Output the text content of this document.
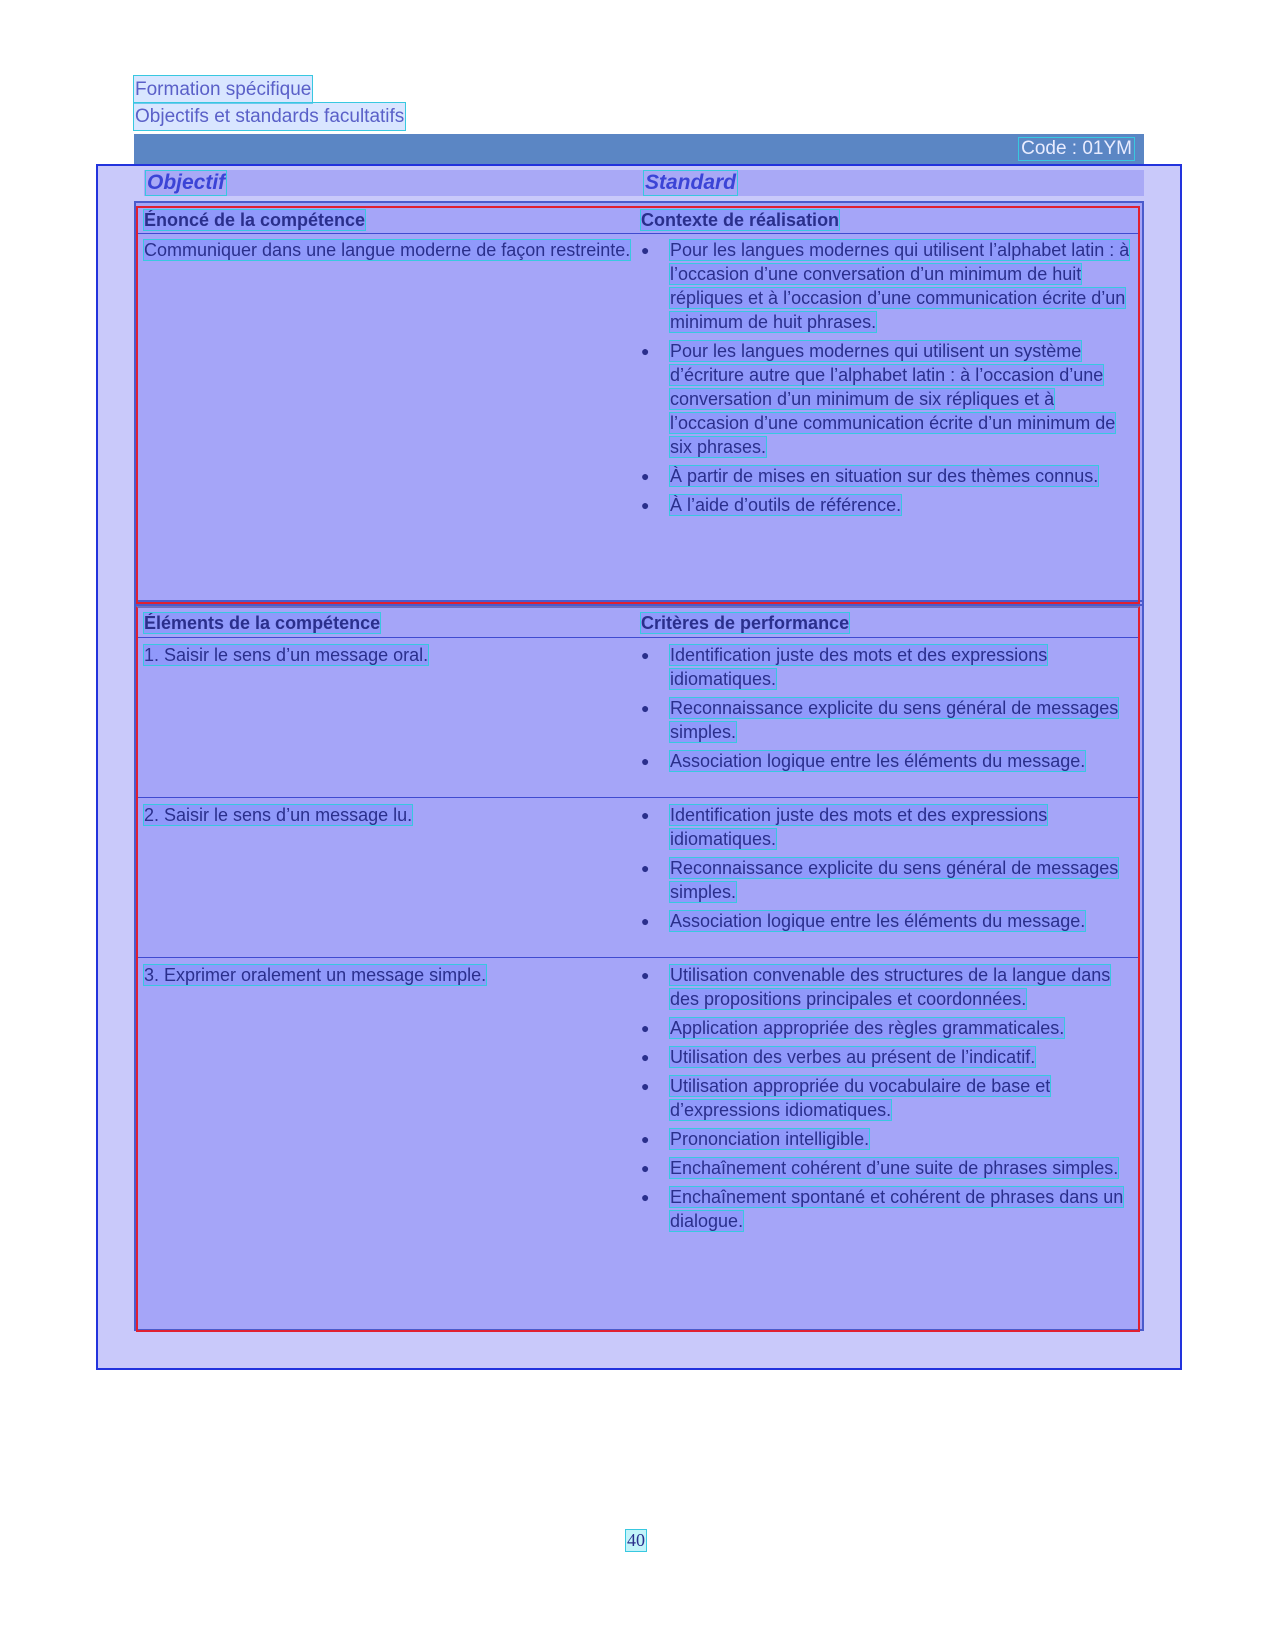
Formation spécifique
Objectifs et standards facultatifs
Code : 01YM
Objectif	Standard
Énoncé de la compétence	Contexte de réalisation
Communiquer dans une langue moderne de façon restreinte. ● Pour les langues modernes qui utilisent l’alphabet latin : à l’occasion d’une conversation d’un minimum de huit répliques et à l’occasion d’une communication écrite d’un minimum de huit phrases.
● Pour les langues modernes qui utilisent un système d’écriture autre que l’alphabet latin : à l’occasion d’une conversation d’un minimum de six répliques et à l’occasion d’une communication écrite d’un minimum de six phrases.
● À partir de mises en situation sur des thèmes connus.
● À l’aide d’outils de référence.
Éléments de la compétence	Critères de performance
1. Saisir le sens d’un message oral.	● Identification juste des mots et des expressions idiomatiques.
● Reconnaissance explicite du sens général de messages simples.
● Association logique entre les éléments du message.
2. Saisir le sens d’un message lu.	● Identification juste des mots et des expressions idiomatiques.
● Reconnaissance explicite du sens général de messages simples.
● Association logique entre les éléments du message.
3. Exprimer oralement un message simple.	● Utilisation convenable des structures de la langue dans des propositions principales et coordonnées.
● Application appropriée des règles grammaticales.
● Utilisation des verbes au présent de l’indicatif.
● Utilisation appropriée du vocabulaire de base et d’expressions idiomatiques.
● Prononciation intelligible.
● Enchaînement cohérent d’une suite de phrases simples.
● Enchaînement spontané et cohérent de phrases dans un dialogue.
40
